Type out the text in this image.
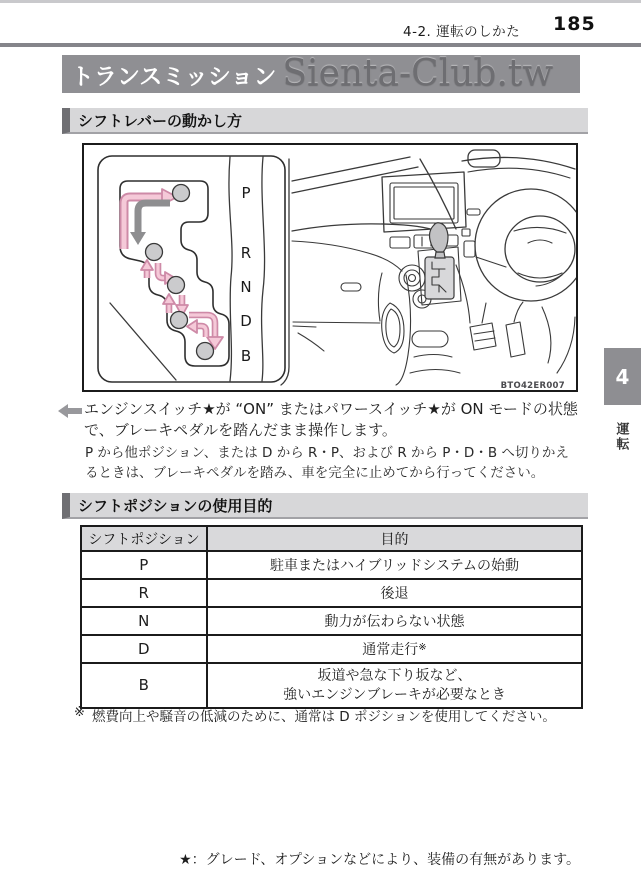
4-2. 運転のしかた 185
トランスミッション Sienta-Club.tw
シフトレバーの動かし方
P
R
N
D
B
BTO42ER007
エンジンスイッチ★が “ON” またはパワースイッチ★が ON モードの状態で、ブレーキペダルを踏んだまま操作します。
P から他ポジション、または D から R・P、および R から P・D・B へ切りかえるときは、ブレーキペダルを踏み、車を完全に止めてから行ってください。
シフトポジションの使用目的
シフトポジション	目的
P	駐車またはハイブリッドシステムの始動
R	後退
N	動力が伝わらない状態
D	通常走行※
B	坂道や急な下り坂など、
強いエンジンブレーキが必要なとき
※ 燃費向上や騒音の低減のために、通常は D ポジションを使用してください。
4
運転
★：グレード、オプションなどにより、装備の有無があります。
